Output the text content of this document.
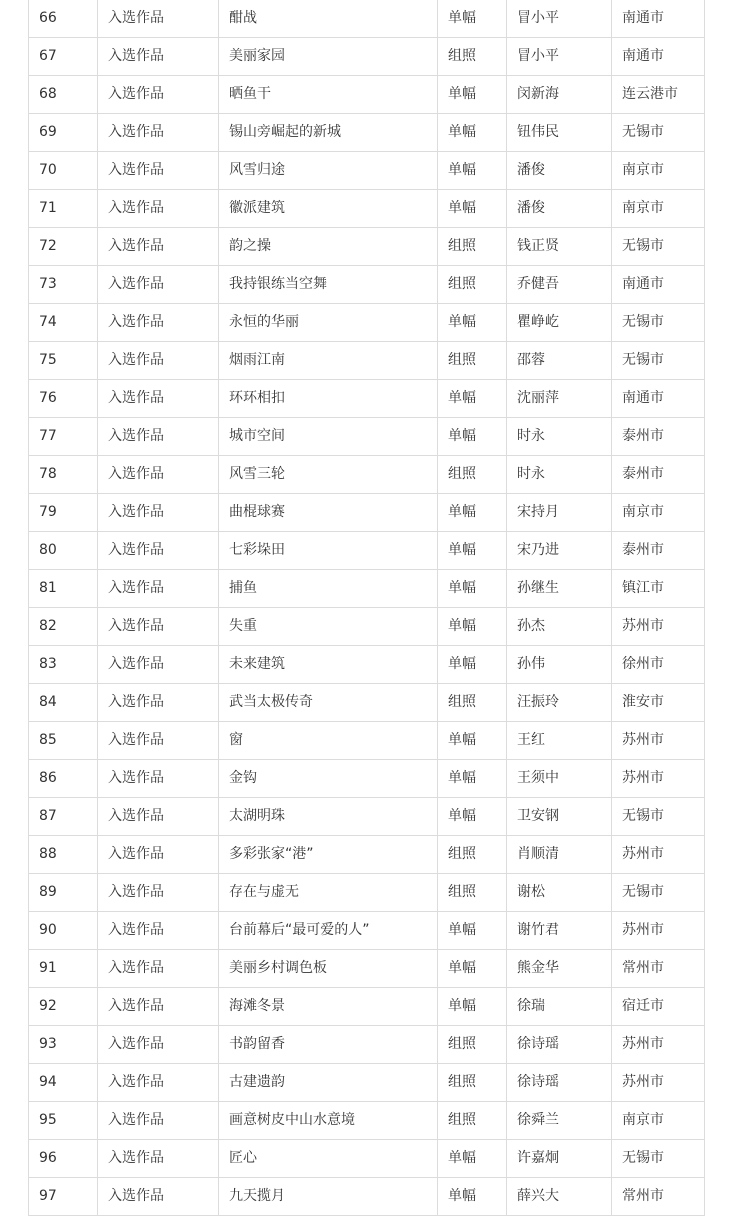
66	入选作品	酣战	单幅	冒小平	南通市
67	入选作品	美丽家园	组照	冒小平	南通市
68	入选作品	晒鱼干	单幅	闵新海	连云港市
69	入选作品	锡山旁崛起的新城	单幅	钮伟民	无锡市
70	入选作品	风雪归途	单幅	潘俊	南京市
71	入选作品	徽派建筑	单幅	潘俊	南京市
72	入选作品	韵之操	组照	钱正贤	无锡市
73	入选作品	我持银练当空舞	组照	乔健吾	南通市
74	入选作品	永恒的华丽	单幅	瞿峥屹	无锡市
75	入选作品	烟雨江南	组照	邵蓉	无锡市
76	入选作品	环环相扣	单幅	沈丽萍	南通市
77	入选作品	城市空间	单幅	时永	泰州市
78	入选作品	风雪三轮	组照	时永	泰州市
79	入选作品	曲棍球赛	单幅	宋持月	南京市
80	入选作品	七彩垛田	单幅	宋乃进	泰州市
81	入选作品	捕鱼	单幅	孙继生	镇江市
82	入选作品	失重	单幅	孙杰	苏州市
83	入选作品	未来建筑	单幅	孙伟	徐州市
84	入选作品	武当太极传奇	组照	汪振玲	淮安市
85	入选作品	窗	单幅	王红	苏州市
86	入选作品	金钩	单幅	王须中	苏州市
87	入选作品	太湖明珠	单幅	卫安钢	无锡市
88	入选作品	多彩张家“港”	组照	肖顺清	苏州市
89	入选作品	存在与虚无	组照	谢松	无锡市
90	入选作品	台前幕后“最可爱的人”	单幅	谢竹君	苏州市
91	入选作品	美丽乡村调色板	单幅	熊金华	常州市
92	入选作品	海滩冬景	单幅	徐瑞	宿迁市
93	入选作品	书韵留香	组照	徐诗瑶	苏州市
94	入选作品	古建遗韵	组照	徐诗瑶	苏州市
95	入选作品	画意树皮中山水意境	组照	徐舜兰	南京市
96	入选作品	匠心	单幅	许嘉炯	无锡市
97	入选作品	九天揽月	单幅	薛兴大	常州市
